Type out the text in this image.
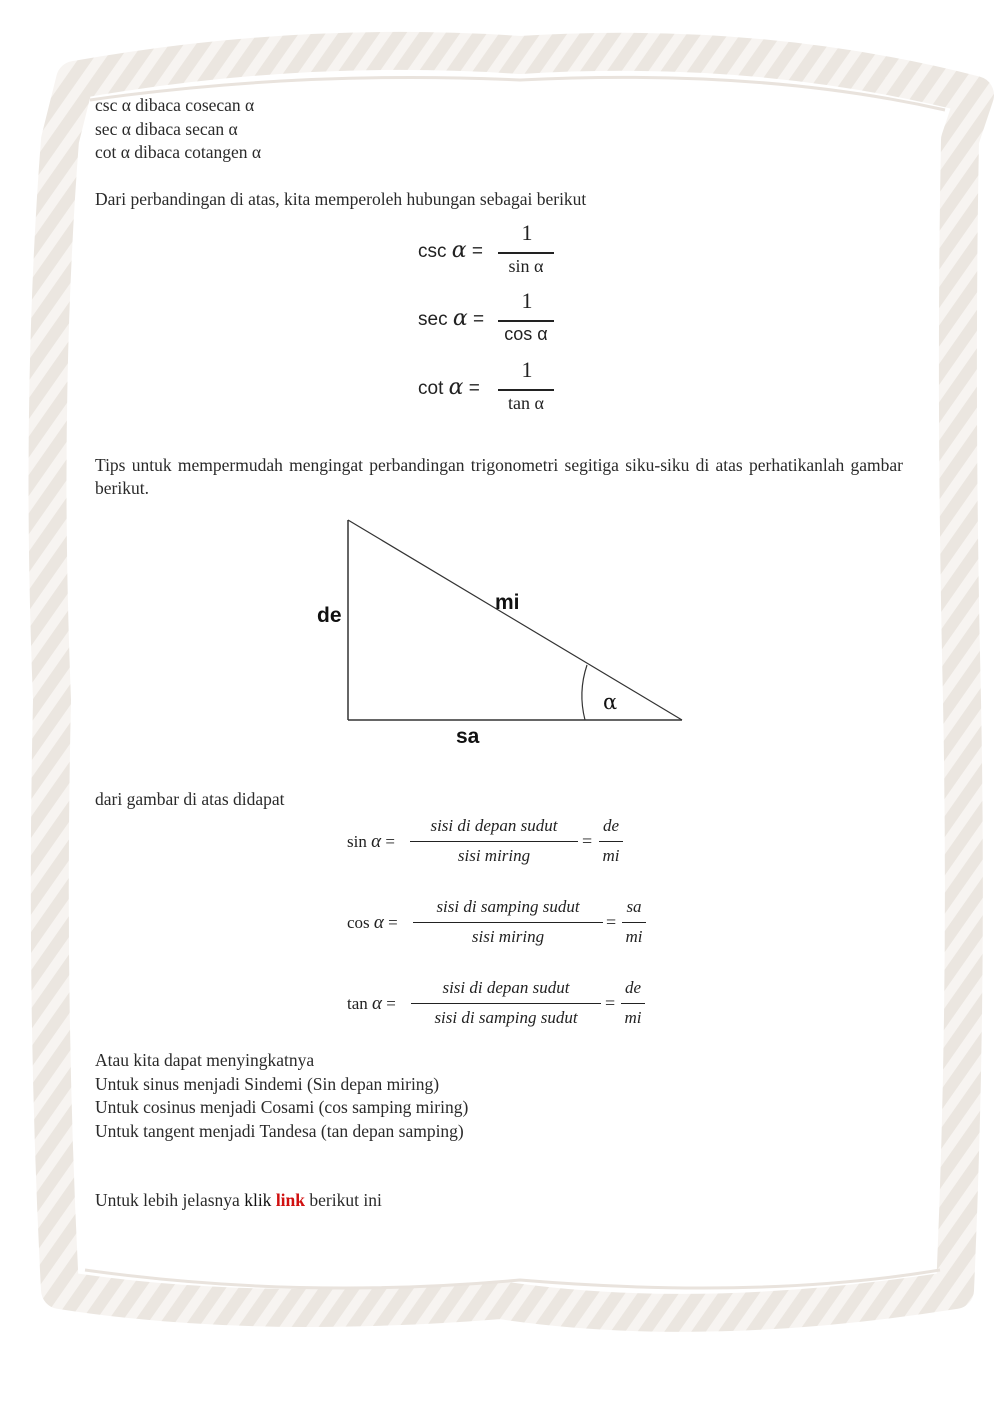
csc α dibaca cosecan α
sec α dibaca secan α
cot α dibaca cotangen α
Dari perbandingan di atas, kita memperoleh hubungan sebagai berikut
csc α =
1
sin α
sec α =
1
cos α
cot α =
1
tan α
Tips untuk mempermudah mengingat perbandingan trigonometri segitiga siku-siku di atas perhatikanlah gambar berikut.
de
mi
sa
α
dari gambar di atas didapat
sin α =
sisi di depan sudut
sisi miring
=
de
mi
cos α =
sisi di samping sudut
sisi miring
=
sa
mi
tan α =
sisi di depan sudut
sisi di samping sudut
=
de
mi
Atau kita dapat menyingkatnya
Untuk sinus menjadi Sindemi (Sin depan miring)
Untuk cosinus menjadi Cosami (cos samping miring)
Untuk tangent menjadi Tandesa (tan depan samping)
Untuk lebih jelasnya klik link berikut ini
